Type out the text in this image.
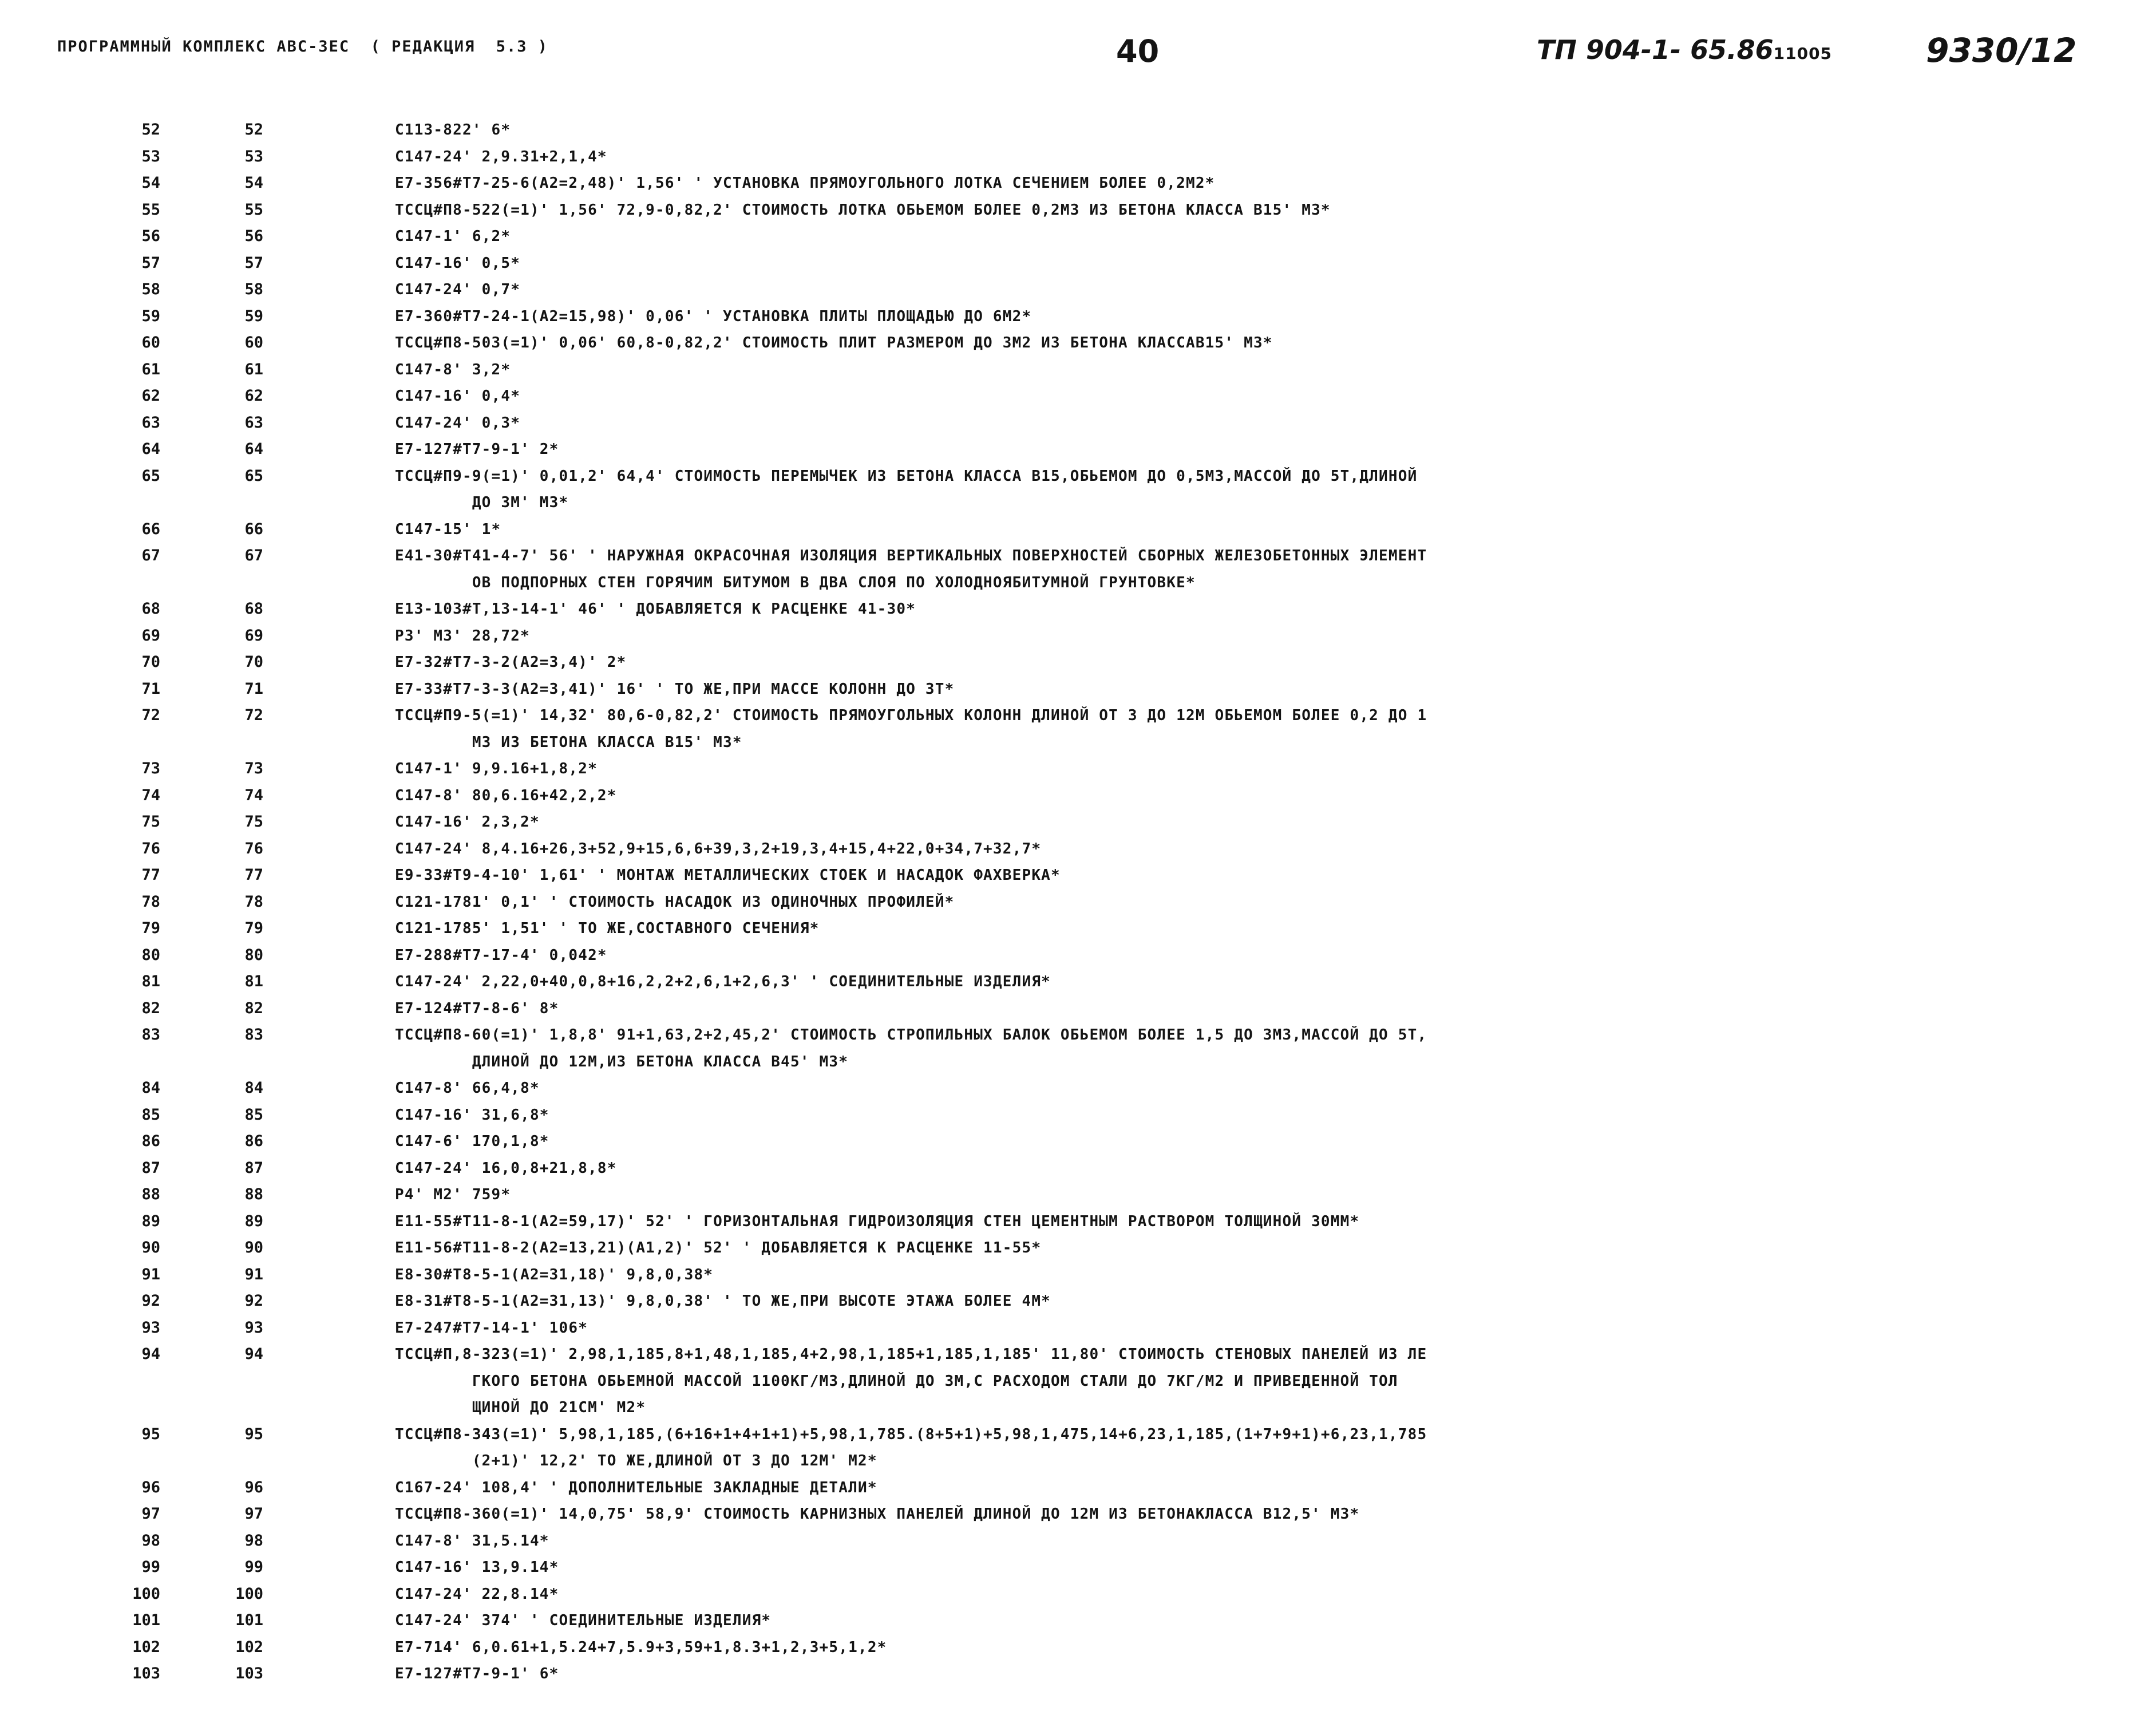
ПРОГРАММНЫЙ КОМПЛЕКС АВС-3ЕС  ( РЕДАКЦИЯ  5.3 )	40	ТП 904-1- 65.8611005	9330/12
52	52	С113-822' 6*
53	53	С147-24' 2,9.31+2,1,4*
54	54	Е7-356#Т7-25-6(А2=2,48)' 1,56' ' УСТАНОВКА ПРЯМОУГОЛЬНОГО ЛОТКА СЕЧЕНИЕМ БОЛЕЕ 0,2М2*
55	55	ТССЦ#П8-522(=1)' 1,56' 72,9-0,82,2' СТОИМОСТЬ ЛОТКА ОБЬЕМОМ БОЛЕЕ 0,2М3 ИЗ БЕТОНА КЛАССА В15' М3*
56	56	С147-1' 6,2*
57	57	С147-16' 0,5*
58	58	С147-24' 0,7*
59	59	Е7-360#Т7-24-1(А2=15,98)' 0,06' ' УСТАНОВКА ПЛИТЫ ПЛОЩАДЬЮ ДО 6М2*
60	60	ТССЦ#П8-503(=1)' 0,06' 60,8-0,82,2' СТОИМОСТЬ ПЛИТ РАЗМЕРОМ ДО 3М2 ИЗ БЕТОНА КЛАССАВ15' М3*
61	61	С147-8' 3,2*
62	62	С147-16' 0,4*
63	63	С147-24' 0,3*
64	64	Е7-127#Т7-9-1' 2*
65	65	ТССЦ#П9-9(=1)' 0,01,2' 64,4' СТОИМОСТЬ ПЕРЕМЫЧЕК ИЗ БЕТОНА КЛАССА В15,ОБЬЕМОМ ДО 0,5М3,МАССОЙ ДО 5Т,ДЛИНОЙ
ДО 3М' М3*
66	66	С147-15' 1*
67	67	Е41-30#Т41-4-7' 56' ' НАРУЖНАЯ ОКРАСОЧНАЯ ИЗОЛЯЦИЯ ВЕРТИКАЛЬНЫХ ПОВЕРХНОСТЕЙ СБОРНЫХ ЖЕЛЕЗОБЕТОННЫХ ЭЛЕМЕНТ
ОВ ПОДПОРНЫХ СТЕН ГОРЯЧИМ БИТУМОМ В ДВА СЛОЯ ПО ХОЛОДНОЯБИТУМНОЙ ГРУНТОВКЕ*
68	68	Е13-103#Т,13-14-1' 46' ' ДОБАВЛЯЕТСЯ К РАСЦЕНКЕ 41-30*
69	69	Р3' М3' 28,72*
70	70	Е7-32#Т7-3-2(А2=3,4)' 2*
71	71	Е7-33#Т7-3-3(А2=3,41)' 16' ' ТО ЖЕ,ПРИ МАССЕ КОЛОНН ДО 3Т*
72	72	ТССЦ#П9-5(=1)' 14,32' 80,6-0,82,2' СТОИМОСТЬ ПРЯМОУГОЛЬНЫХ КОЛОНН ДЛИНОЙ ОТ 3 ДО 12М ОБЬЕМОМ БОЛЕЕ 0,2 ДО 1
М3 ИЗ БЕТОНА КЛАССА В15' М3*
73	73	С147-1' 9,9.16+1,8,2*
74	74	С147-8' 80,6.16+42,2,2*
75	75	С147-16' 2,3,2*
76	76	С147-24' 8,4.16+26,3+52,9+15,6,6+39,3,2+19,3,4+15,4+22,0+34,7+32,7*
77	77	Е9-33#Т9-4-10' 1,61' ' МОНТАЖ МЕТАЛЛИЧЕСКИХ СТОЕК И НАСАДОК ФАХВЕРКА*
78	78	С121-1781' 0,1' ' СТОИМОСТЬ НАСАДОК ИЗ ОДИНОЧНЫХ ПРОФИЛЕЙ*
79	79	С121-1785' 1,51' ' ТО ЖЕ,СОСТАВНОГО СЕЧЕНИЯ*
80	80	Е7-288#Т7-17-4' 0,042*
81	81	С147-24' 2,22,0+40,0,8+16,2,2+2,6,1+2,6,3' ' СОЕДИНИТЕЛЬНЫЕ ИЗДЕЛИЯ*
82	82	Е7-124#Т7-8-6' 8*
83	83	ТССЦ#П8-60(=1)' 1,8,8' 91+1,63,2+2,45,2' СТОИМОСТЬ СТРОПИЛЬНЫХ БАЛОК ОБЬЕМОМ БОЛЕЕ 1,5 ДО 3М3,МАССОЙ ДО 5Т,
ДЛИНОЙ ДО 12М,ИЗ БЕТОНА КЛАССА В45' М3*
84	84	С147-8' 66,4,8*
85	85	С147-16' 31,6,8*
86	86	С147-6' 170,1,8*
87	87	С147-24' 16,0,8+21,8,8*
88	88	Р4' М2' 759*
89	89	Е11-55#Т11-8-1(А2=59,17)' 52' ' ГОРИЗОНТАЛЬНАЯ ГИДРОИЗОЛЯЦИЯ СТЕН ЦЕМЕНТНЫМ РАСТВОРОМ ТОЛЩИНОЙ 30ММ*
90	90	Е11-56#Т11-8-2(А2=13,21)(А1,2)' 52' ' ДОБАВЛЯЕТСЯ К РАСЦЕНКЕ 11-55*
91	91	Е8-30#Т8-5-1(А2=31,18)' 9,8,0,38*
92	92	Е8-31#Т8-5-1(А2=31,13)' 9,8,0,38' ' ТО ЖЕ,ПРИ ВЫСОТЕ ЭТАЖА БОЛЕЕ 4М*
93	93	Е7-247#Т7-14-1' 106*
94	94	ТССЦ#П,8-323(=1)' 2,98,1,185,8+1,48,1,185,4+2,98,1,185+1,185,1,185' 11,80' СТОИМОСТЬ СТЕНОВЫХ ПАНЕЛЕЙ ИЗ ЛЕ
ГКОГО БЕТОНА ОБЬЕМНОЙ МАССОЙ 1100КГ/М3,ДЛИНОЙ ДО 3М,С РАСХОДОМ СТАЛИ ДО 7КГ/М2 И ПРИВЕДЕННОЙ ТОЛ
ЩИНОЙ ДО 21СМ' М2*
95	95	ТССЦ#П8-343(=1)' 5,98,1,185,(6+16+1+4+1+1)+5,98,1,785.(8+5+1)+5,98,1,475,14+6,23,1,185,(1+7+9+1)+6,23,1,785
(2+1)' 12,2' ТО ЖЕ,ДЛИНОЙ ОТ 3 ДО 12М' М2*
96	96	С167-24' 108,4' ' ДОПОЛНИТЕЛЬНЫЕ ЗАКЛАДНЫЕ ДЕТАЛИ*
97	97	ТССЦ#П8-360(=1)' 14,0,75' 58,9' СТОИМОСТЬ КАРНИЗНЫХ ПАНЕЛЕЙ ДЛИНОЙ ДО 12М ИЗ БЕТОНАКЛАССА В12,5' М3*
98	98	С147-8' 31,5.14*
99	99	С147-16' 13,9.14*
100	100	С147-24' 22,8.14*
101	101	С147-24' 374' ' СОЕДИНИТЕЛЬНЫЕ ИЗДЕЛИЯ*
102	102	Е7-714' 6,0.61+1,5.24+7,5.9+3,59+1,8.3+1,2,3+5,1,2*
103	103	Е7-127#Т7-9-1' 6*
